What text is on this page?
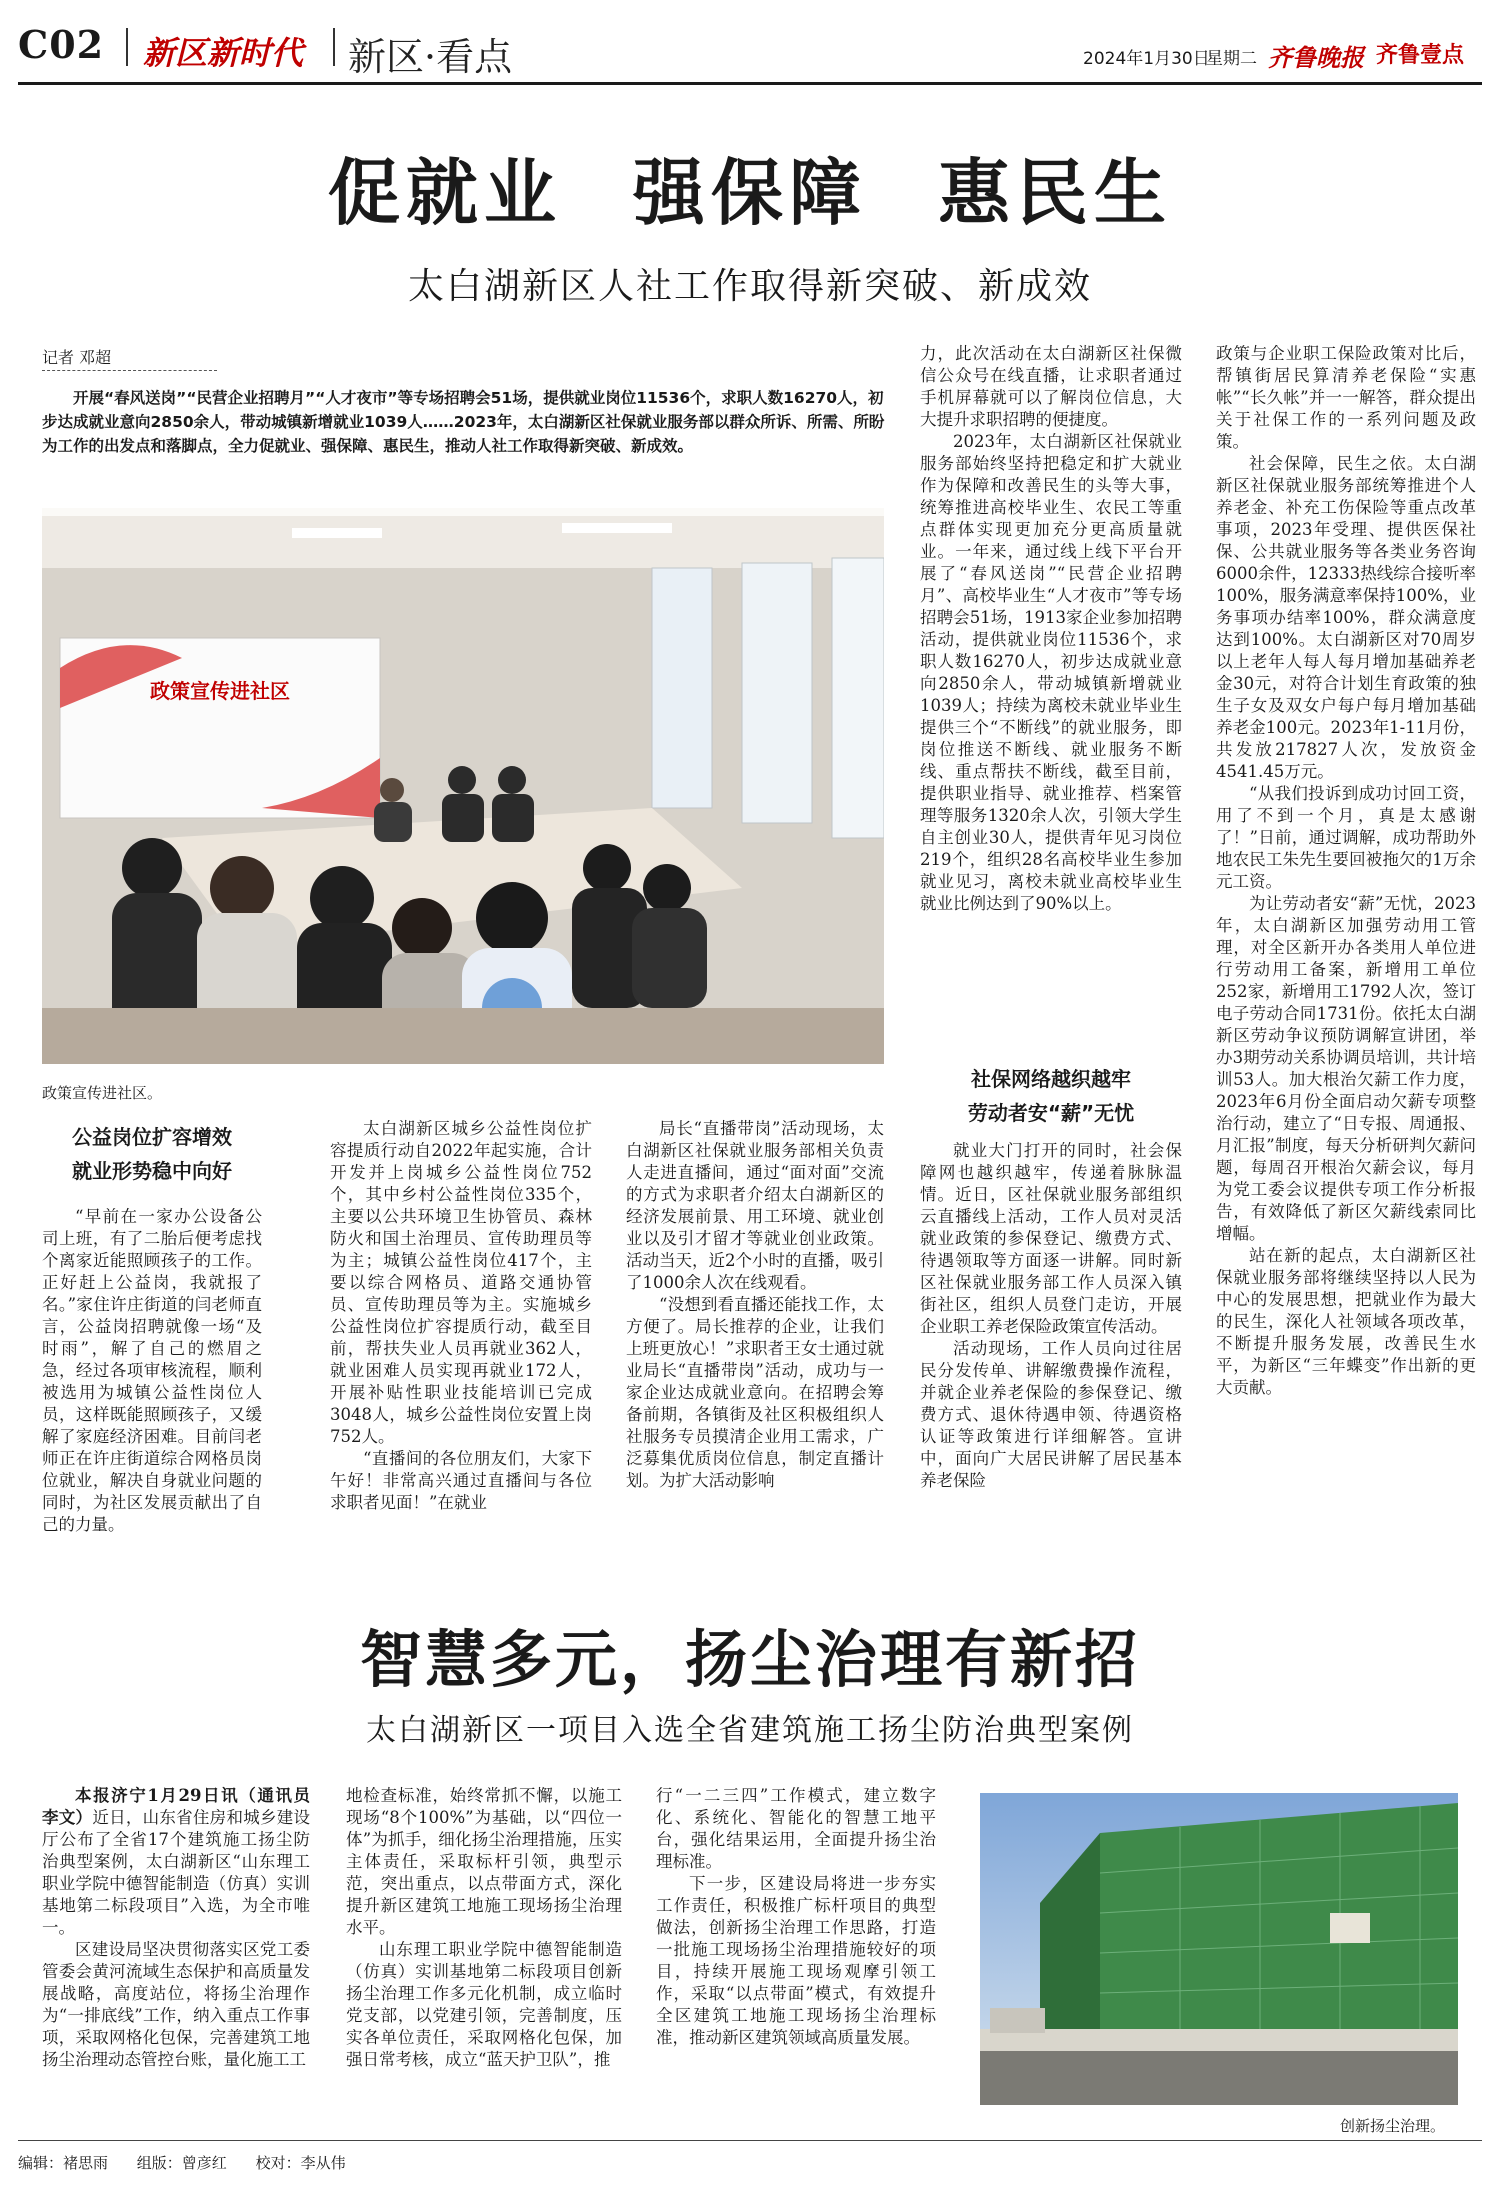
C02 新区新时代 新区·看点	2024年1月30日
星期二 齐鲁晚报 齐鲁壹点
促就业 强保障 惠民生
太白湖新区人社工作取得新突破、新成效
记者 邓超
开展“春风送岗”“民营企业招聘月”“人才夜市”等专场招聘会51场，提供就业岗位11536个，求职人数16270人，初步达成就业意向2850余人，带动城镇新增就业1039人……2023年，太白湖新区社保就业服务部以群众所诉、所需、所盼为工作的出发点和落脚点，全力促就业、强保障、惠民生，推动人社工作取得新突破、新成效。
政策宣传进社区
政策宣传进社区。
公益岗位扩容增效
就业形势稳中向好

“早前在一家办公设备公司上班，有了二胎后便考虑找个离家近能照顾孩子的工作。正好赶上公益岗，我就报了名。”家住许庄街道的闫老师直言，公益岗招聘就像一场“及时雨”，解了自己的燃眉之急，经过各项审核流程，顺利被选用为城镇公益性岗位人员，这样既能照顾孩子，又缓解了家庭经济困难。目前闫老师正在许庄街道综合网格员岗位就业，解决自身就业问题的同时，为社区发展贡献出了自己的力量。

太白湖新区城乡公益性岗位扩容提质行动自2022年起实施，合计开发并上岗城乡公益性岗位752个，其中乡村公益性岗位335个，主要以公共环境卫生协管员、森林防火和国土治理员、宣传助理员等为主；城镇公益性岗位417个，主要以综合网格员、道路交通协管员、宣传助理员等为主。实施城乡公益性岗位扩容提质行动，截至目前，帮扶失业人员再就业362人，就业困难人员实现再就业172人，开展补贴性职业技能培训已完成3048人，城乡公益性岗位安置上岗752人。

“直播间的各位朋友们，大家下午好！非常高兴通过直播间与各位求职者见面！”在就业

局长“直播带岗”活动现场，太白湖新区社保就业服务部相关负责人走进直播间，通过“面对面”交流的方式为求职者介绍太白湖新区的经济发展前景、用工环境、就业创业以及引才留才等就业创业政策。活动当天，近2个小时的直播，吸引了1000余人次在线观看。

“没想到看直播还能找工作，太方便了。局长推荐的企业，让我们上班更放心！”求职者王女士通过就业局长“直播带岗”活动，成功与一家企业达成就业意向。在招聘会筹备前期，各镇街及社区积极组织人社服务专员摸清企业用工需求，广泛募集优质岗位信息，制定直播计划。为扩大活动影响

力，此次活动在太白湖新区社保微信公众号在线直播，让求职者通过手机屏幕就可以了解岗位信息，大大提升求职招聘的便捷度。

2023年，太白湖新区社保就业服务部始终坚持把稳定和扩大就业作为保障和改善民生的头等大事，统筹推进高校毕业生、农民工等重点群体实现更加充分更高质量就业。一年来，通过线上线下平台开展了“春风送岗”“民营企业招聘月”、高校毕业生“人才夜市”等专场招聘会51场，1913家企业参加招聘活动，提供就业岗位11536个，求职人数16270人，初步达成就业意向2850余人，带动城镇新增就业1039人；持续为离校未就业毕业生提供三个“不断线”的就业服务，即岗位推送不断线、就业服务不断线、重点帮扶不断线，截至目前，提供职业指导、就业推荐、档案管理等服务1320余人次，引领大学生自主创业30人，提供青年见习岗位219个，组织28名高校毕业生参加就业见习，离校未就业高校毕业生就业比例达到了90%以上。

社保网络越织越牢
劳动者安“薪”无忧

就业大门打开的同时，社会保障网也越织越牢，传递着脉脉温情。近日，区社保就业服务部组织云直播线上活动，工作人员对灵活就业政策的参保登记、缴费方式、待遇领取等方面逐一讲解。同时新区社保就业服务部工作人员深入镇街社区，组织人员登门走访，开展企业职工养老保险政策宣传活动。

活动现场，工作人员向过往居民分发传单、讲解缴费操作流程，并就企业养老保险的参保登记、缴费方式、退休待遇申领、待遇资格认证等政策进行详细解答。宣讲中，面向广大居民讲解了居民基本养老保险

政策与企业职工保险政策对比后，帮镇街居民算清养老保险“实惠帐”“长久帐”并一一解答，群众提出关于社保工作的一系列问题及政策。

社会保障，民生之依。太白湖新区社保就业服务部统筹推进个人养老金、补充工伤保险等重点改革事项，2023年受理、提供医保社保、公共就业服务等各类业务咨询6000余件，12333热线综合接听率100%，服务满意率保持100%，业务事项办结率100%，群众满意度达到100%。太白湖新区对70周岁以上老年人每人每月增加基础养老金30元，对符合计划生育政策的独生子女及双女户每户每月增加基础养老金100元。2023年1-11月份，共发放217827人次，发放资金4541.45万元。

“从我们投诉到成功讨回工资，用了不到一个月，真是太感谢了！”日前，通过调解，成功帮助外地农民工朱先生要回被拖欠的1万余元工资。

为让劳动者安“薪”无忧，2023年，太白湖新区加强劳动用工管理，对全区新开办各类用人单位进行劳动用工备案，新增用工单位252家，新增用工1792人次，签订电子劳动合同1731份。依托太白湖新区劳动争议预防调解宣讲团，举办3期劳动关系协调员培训，共计培训53人。加大根治欠薪工作力度，2023年6月份全面启动欠薪专项整治行动，建立了“日专报、周通报、月汇报”制度，每天分析研判欠薪问题，每周召开根治欠薪会议，每月为党工委会议提供专项工作分析报告，有效降低了新区欠薪线索同比增幅。

站在新的起点，太白湖新区社保就业服务部将继续坚持以人民为中心的发展思想，把就业作为最大的民生，深化人社领域各项改革，不断提升服务发展，改善民生水平，为新区“三年蝶变”作出新的更大贡献。

智慧多元，扬尘治理有新招
太白湖新区一项目入选全省建筑施工扬尘防治典型案例

本报济宁1月29日讯（通讯员 李文）近日，山东省住房和城乡建设厅公布了全省17个建筑施工扬尘防治典型案例，太白湖新区“山东理工职业学院中德智能制造（仿真）实训基地第二标段项目”入选，为全市唯一。

区建设局坚决贯彻落实区党工委管委会黄河流域生态保护和高质量发展战略，高度站位，将扬尘治理作为“一排底线”工作，纳入重点工作事项，采取网格化包保，完善建筑工地扬尘治理动态管控台账，量化施工工

地检查标准，始终常抓不懈，以施工现场“8个100%”为基础，以“四位一体”为抓手，细化扬尘治理措施，压实主体责任，采取标杆引领，典型示范，突出重点，以点带面方式，深化提升新区建筑工地施工现场扬尘治理水平。

山东理工职业学院中德智能制造（仿真）实训基地第二标段项目创新扬尘治理工作多元化机制，成立临时党支部，以党建引领，完善制度，压实各单位责任，采取网格化包保，加强日常考核，成立“蓝天护卫队”，推

行“一二三四”工作模式，建立数字化、系统化、智能化的智慧工地平台，强化结果运用，全面提升扬尘治理标准。

下一步，区建设局将进一步夯实工作责任，积极推广标杆项目的典型做法，创新扬尘治理工作思路，打造一批施工现场扬尘治理措施较好的项目，持续开展施工现场观摩引领工作，采取“以点带面”模式，有效提升全区建筑工地施工现场扬尘治理标准，推动新区建筑领域高质量发展。

创新扬尘治理。
编辑：褚思雨 组版：曾彦红 校对：李从伟
